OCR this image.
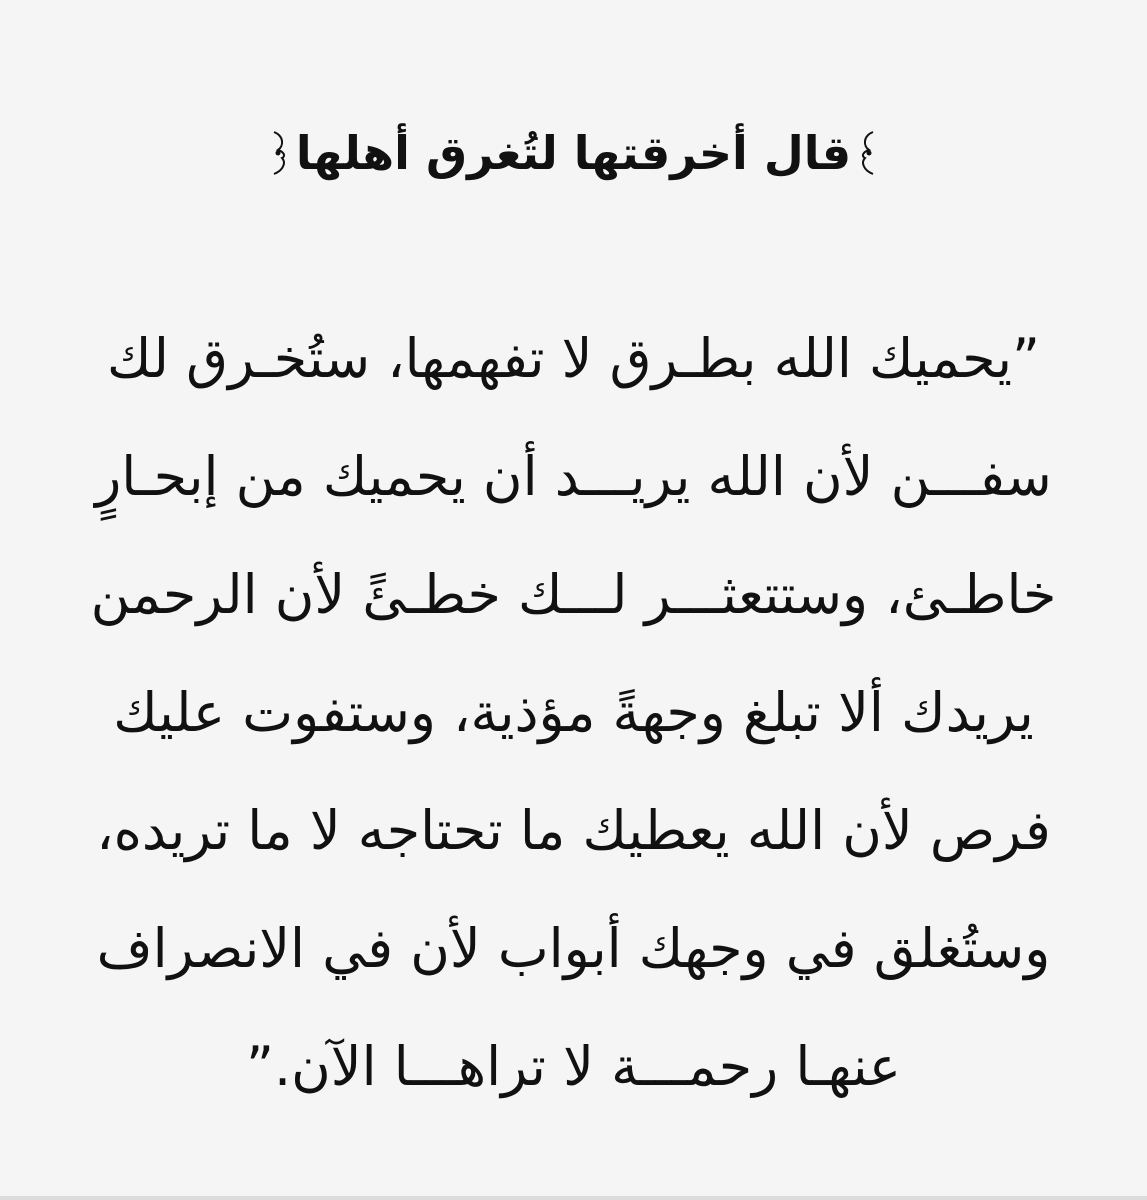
قال أخرقتها لتُغرق أهلها
”يحميك الله بطـرق لا تفهمها، ستُخـرق لك
سفـــن لأن الله يريـــد أن يحميك من إبحـارٍ
خاطـئ، وستتعثـــر لـــك خطـئً لأن الرحمن
يريدك ألا تبلغ وجهةً مؤذية، وستفوت عليك
فرص لأن الله يعطيك ما تحتاجه لا ما تريده،
وستُغلق في وجهك أبواب لأن في الانصراف
عنهـا رحمـــة لا تراهـــا الآن.”
